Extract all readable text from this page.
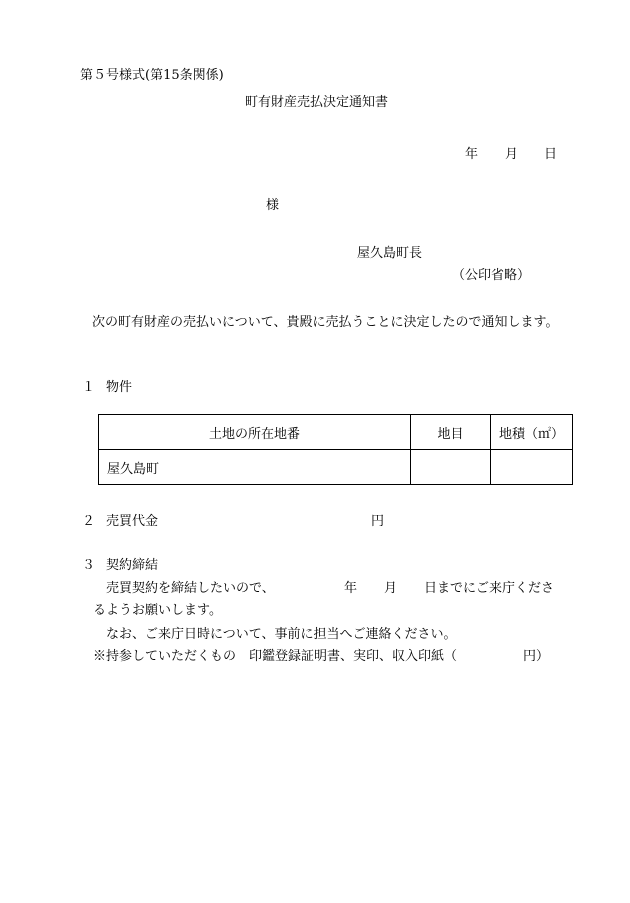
第５号様式(第15条関係)
町有財産売払決定通知書
年 月 日
様
屋久島町長
（公印省略）
次の町有財産の売払いについて、貴殿に売払うことに決定したので通知します。
１ 物件
土地の所在地番	地目	地積（㎡）
屋久島町		
２ 売買代金	円
３ 契約締結
売買契約を締結したいので、	年 月 日までにご来庁くださ
るようお願いします。
なお、ご来庁日時について、事前に担当へご連絡ください。
※持参していただくもの　印鑑登録証明書、実印、収入印紙（	円）
